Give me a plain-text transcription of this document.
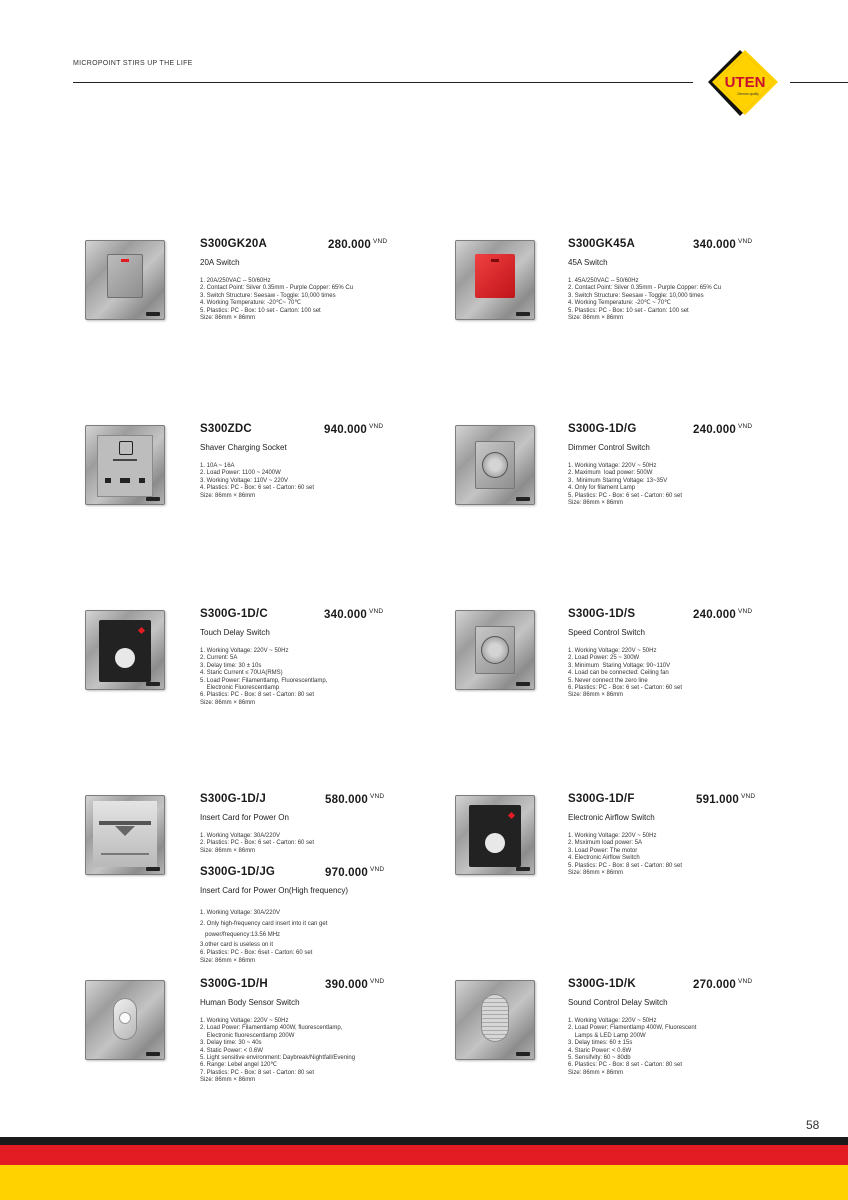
MICROPOINT STIRS UP THE LIFE
UTEN
German quality
S300GK20A	280.000 $^{VND}$
20A Switch
1. 20A/250VAC -- 50/60Hz
2. Contact Point: Silver 0.35mm - Purple Copper: 65% Cu
3. Switch Structure: Seesaw - Toggle: 10,000 times
4. Working Temperature: -20℃~ 70℃
5. Plastics: PC - Box: 10 set - Carton: 100 set
Size: 86mm × 86mm
S300GK45A	340.000 $^{VND}$
45A Switch
1. 45A/250VAC -- 50/60Hz
2. Contact Point: Silver 0.35mm - Purple Copper: 65% Cu
3. Switch Structure: Seesaw - Toggle: 10,000 times
4. Working Temperature: -20℃ ~ 70℃
5. Plastics: PC - Box: 10 set - Carton: 100 set
Size: 86mm × 86mm
S300ZDC	940.000 $^{VND}$
Shaver Charging Socket
1. 10A ~ 16A
2. Load Power: 1100 ~ 2400W
3. Working Voltage: 110V ~ 220V
4. Plastics: PC - Box: 6 set - Carton: 60 set
Size: 86mm × 86mm
S300G-1D/G	240.000 $^{VND}$
Dimmer Control Switch
1. Working Voltage: 220V ~ 50Hz
2. Maximum  load power: 500W
3.  Minimum Staring Voltage: 13~35V
4. Only for filament Lamp
5. Plastics: PC - Box: 6 set - Carton: 60 set
Size: 86mm × 86mm
S300G-1D/C	340.000 $^{VND}$
Touch Delay Switch
1. Working Voltage: 220V ~ 50Hz
2. Current: 5A
3. Delay time: 30 ± 10s
4. Staric Current ≤ 70UA(RMS)
5. Load Power: Filamentlamp, Fluorescentlamp,
Electronic Fluorescentlamp
6. Plastics: PC - Box: 8 set - Carton: 80 set
Size: 86mm × 86mm
S300G-1D/S	240.000 $^{VND}$
Speed Control Switch
1. Working Voltage: 220V ~ 50Hz
2. Load Power: 25 ~ 300W
3. Minimum  Staring Voltage: 90~110V
4. Load can be connected: Ceiling fan
5. Never connect the zero line
6. Plastics: PC - Box: 6 set - Carton: 60 set
Size: 86mm × 86mm
S300G-1D/J	580.000 $^{VND}$
Insert Card for Power On
1. Working Voltage: 30A/220V
2. Plastics: PC - Box: 6 set - Carton: 60 set
Size: 86mm × 86mm
S300G-1D/JG	970.000 $^{VND}$
Insert Card for Power On(High frequency)
1. Working Voltage: 30A/220V
2. Only high-frequency card insert into it can get
power/frequency:13.56 MHz
3.other card is useless on it
6. Plastics: PC - Box: 6set - Carton: 60 set
Size: 86mm × 86mm
S300G-1D/F	591.000 $^{VND}$
Electronic Airflow Switch
1. Working Voltage: 220V ~ 50Hz
2. Msximum load power: 5A
3. Load Power: The motor
4. Electronic Airflow Switch
5. Plastics: PC - Box: 8 set - Carton: 80 set
Size: 86mm × 86mm
S300G-1D/H	390.000 $^{VND}$
Human Body Sensor Switch
1. Working Voltage: 220V ~ 50Hz
2. Load Power: Filamentlamp 400W, fluorescentlamp,
Electronic fluorescentlamp 200W
3. Delay time: 30 ~ 40s
4. Static Power: < 0.6W
5. Light sensitive environment: Daybreak/Nightfall/Evening
6. Range: Lebel angel 120℃
7. Plastics: PC - Box: 8 set - Carton: 80 set
Size: 86mm × 86mm
S300G-1D/K	270.000 $^{VND}$
Sound Control Delay Switch
1. Working Voltage: 220V ~ 50Hz
2. Load Power: Flamentlamp 400W, Fluorescent
Lamps & LED Lamp 200W
3. Delay times: 60 ± 15s
4. Staric Power: < 0.6W
5. Sensifvity: 60 ~ 80db
6. Plastics: PC - Box: 8 set - Carton: 80 set
Size: 86mm × 86mm
58
